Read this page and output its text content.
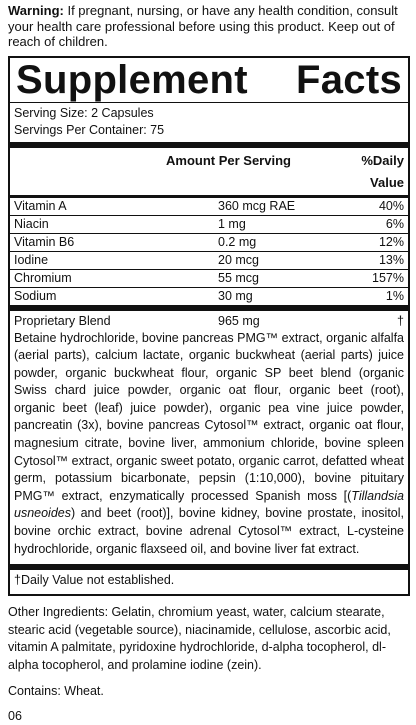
Warning: If pregnant, nursing, or have any health condition, consult your health care professional before using this product. Keep out of reach of children.
Supplement Facts
Serving Size: 2 Capsules
Servings Per Container: 75
Amount Per Serving	%Daily Value
Vitamin A	360 mcg RAE	40%
Niacin	1 mg	6%
Vitamin B6	0.2 mg	12%
Iodine	20 mcg	13%
Chromium	55 mcg	157%
Sodium	30 mg	1%
Proprietary Blend	965 mg	†
Betaine hydrochloride, bovine pancreas PMG™ extract, organic alfalfa (aerial parts), calcium lactate, organic buckwheat (aerial parts) juice powder, organic buckwheat flour, organic SP beet blend (organic Swiss chard juice powder, organic oat flour, organic beet (root), organic beet (leaf) juice powder), organic pea vine juice powder, pancreatin (3x), bovine pancreas Cytosol™ extract, organic oat flour, magnesium citrate, bovine liver, ammonium chloride, bovine spleen Cytosol™ extract, organic sweet potato, organic carrot, defatted wheat germ, potassium bicarbonate, pepsin (1:10,000), bovine pituitary PMG™ extract, enzymatically processed Spanish moss [(Tillandsia usneoides) and beet (root)], bovine kidney, bovine prostate, inositol, bovine orchic extract, bovine adrenal Cytosol™ extract, L-cysteine hydrochloride, organic flaxseed oil, and bovine liver fat extract.
†Daily Value not established.
Other Ingredients: Gelatin, chromium yeast, water, calcium stearate, stearic acid (vegetable source), niacinamide, cellulose, ascorbic acid, vitamin A palmitate, pyridoxine hydrochloride, d-alpha tocopherol, dl-alpha tocopherol, and prolamine iodine (zein).
Contains: Wheat.
06
